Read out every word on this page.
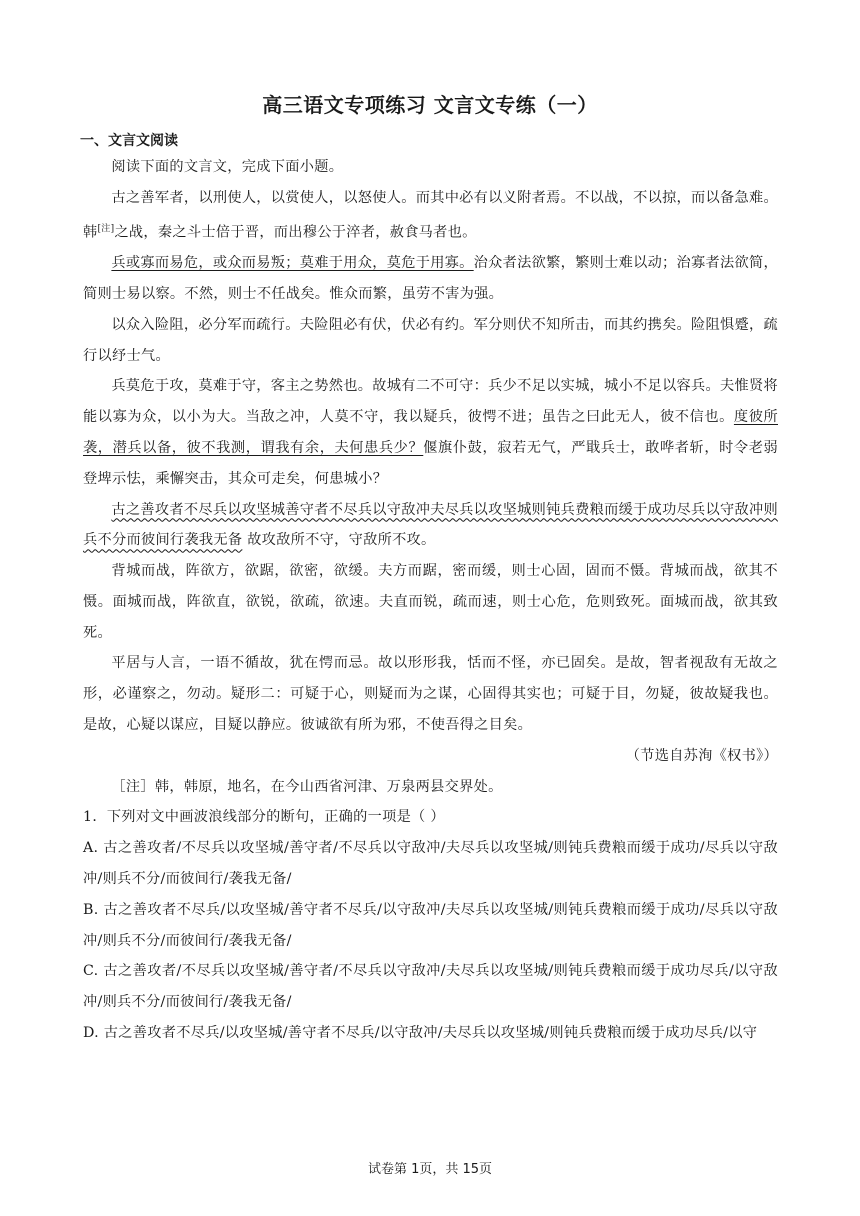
高三语文专项练习 文言文专练（一）
一、文言文阅读

阅读下面的文言文，完成下面小题。

古之善军者，以刑使人，以赏使人，以怒使人。而其中必有以义附者焉。不以战，不以掠，而以备急难。韩[注]之战，秦之斗士倍于晋，而出穆公于淬者，赦食马者也。

兵或寡而易危，或众而易叛；莫难于用众，莫危于用寡。治众者法欲繁，繁则士难以动；治寡者法欲简，简则士易以察。不然，则士不任战矣。惟众而繁，虽劳不害为强。

以众入险阻，必分军而疏行。夫险阻必有伏，伏必有约。军分则伏不知所击，而其约携矣。险阻惧蹙，疏行以纾士气。

兵莫危于攻，莫难于守，客主之势然也。故城有二不可守：兵少不足以实城，城小不足以容兵。夫惟贤将能以寡为众，以小为大。当敌之冲，人莫不守，我以疑兵，彼愕不进；虽告之曰此无人，彼不信也。度彼所袭，潜兵以备，彼不我测，谓我有余，夫何患兵少？偃旗仆鼓，寂若无气，严戢兵士，敢哗者斩，时令老弱登埤示怯，乘懈突击，其众可走矣，何患城小？

古之善攻者不尽兵以攻坚城善守者不尽兵以守敌冲夫尽兵以攻坚城则钝兵费粮而缓于成功尽兵以守敌冲则兵不分而彼间行袭我无备 故攻敌所不守，守敌所不攻。

背城而战，阵欲方，欲踞，欲密，欲缓。夫方而踞，密而缓，则士心固，固而不慑。背城而战，欲其不慑。面城而战，阵欲直，欲锐，欲疏，欲速。夫直而锐，疏而速，则士心危，危则致死。面城而战，欲其致死。

平居与人言，一语不循故，犹在愕而忌。故以形形我，恬而不怪，亦已固矣。是故，智者视敌有无故之形，必谨察之，勿动。疑形二：可疑于心，则疑而为之谋，心固得其实也；可疑于目，勿疑，彼故疑我也。是故，心疑以谋应，目疑以静应。彼诚欲有所为邪，不使吾得之目矣。

（节选自苏洵《权书》）

［注］韩，韩原，地名，在今山西省河津、万泉两县交界处。

1．下列对文中画波浪线部分的断句，正确的一项是（ ）

A. 古之善攻者/不尽兵以攻坚城/善守者/不尽兵以守敌冲/夫尽兵以攻坚城/则钝兵费粮而缓于成功/尽兵以守敌冲/则兵不分/而彼间行/袭我无备/

B. 古之善攻者不尽兵/以攻坚城/善守者不尽兵/以守敌冲/夫尽兵以攻坚城/则钝兵费粮而缓于成功/尽兵以守敌冲/则兵不分/而彼间行/袭我无备/

C. 古之善攻者/不尽兵以攻坚城/善守者/不尽兵以守敌冲/夫尽兵以攻坚城/则钝兵费粮而缓于成功尽兵/以守敌冲/则兵不分/而彼间行/袭我无备/

D. 古之善攻者不尽兵/以攻坚城/善守者不尽兵/以守敌冲/夫尽兵以攻坚城/则钝兵费粮而缓于成功尽兵/以守

试卷第 1页，共 15页
